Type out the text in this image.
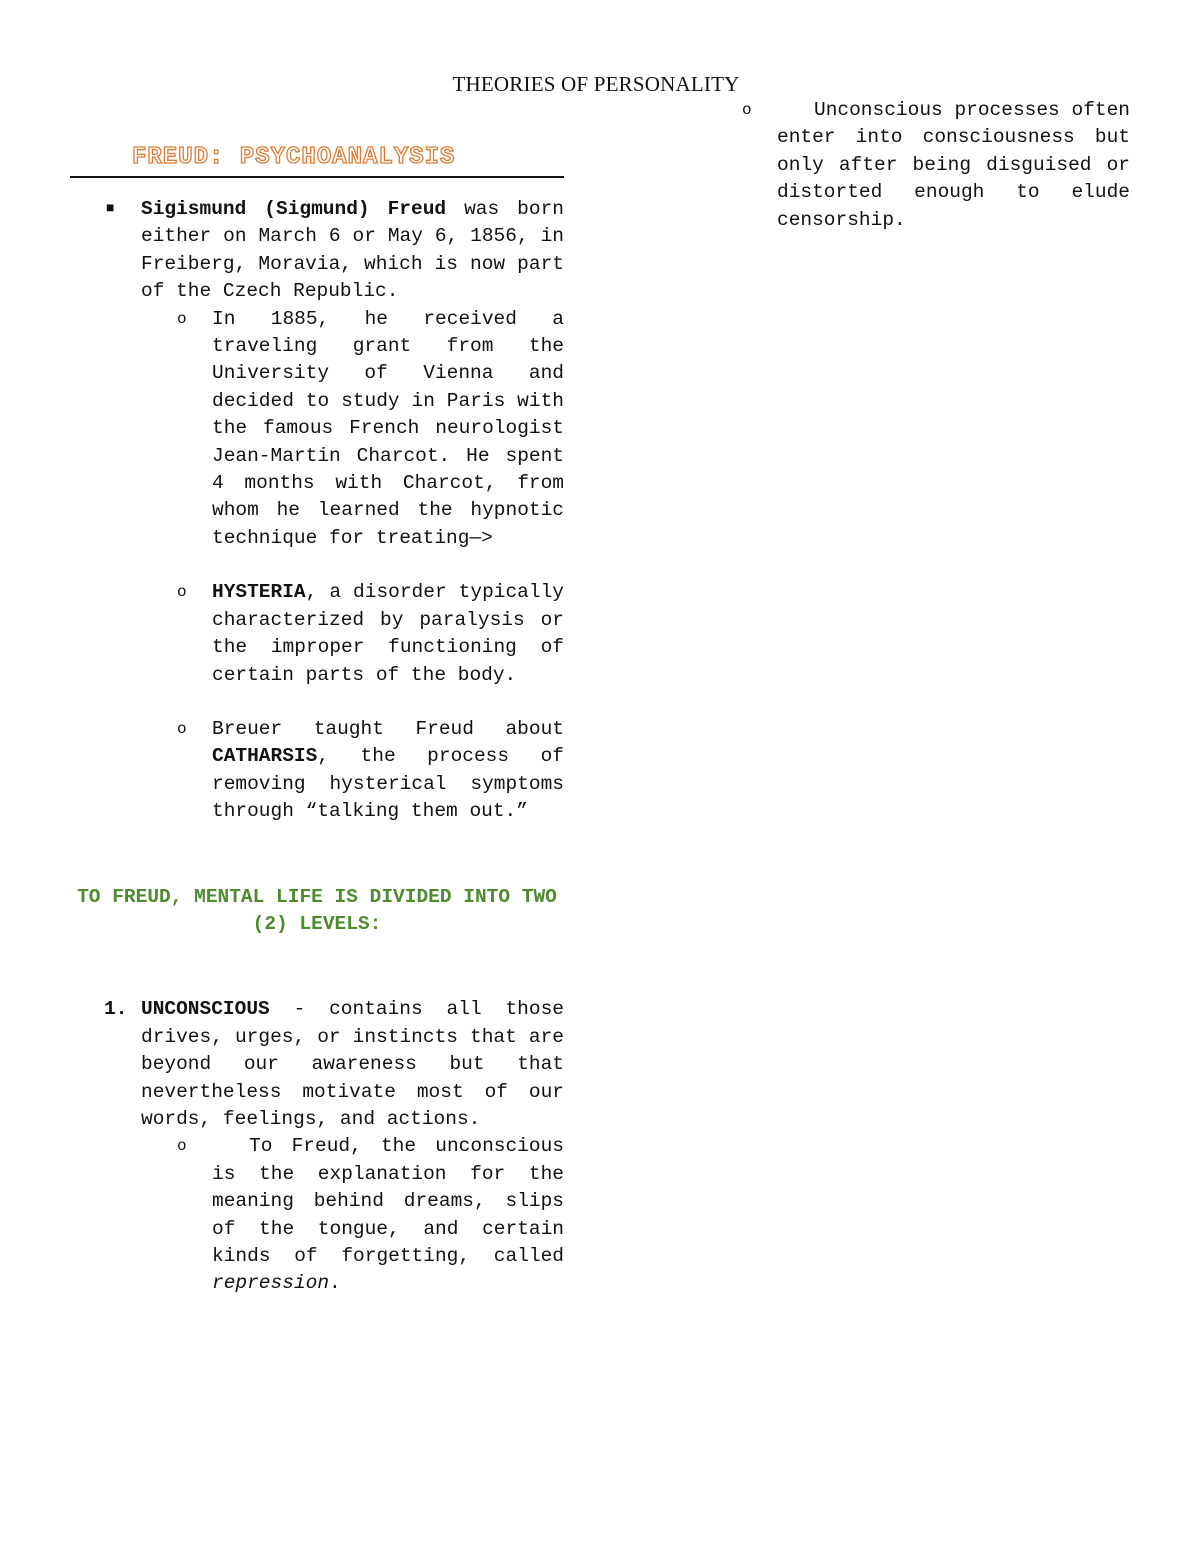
THEORIES OF PERSONALITY
FREUD: PSYCHOANALYSIS
■ Sigismund (Sigmund) Freud was born either on March 6 or May 6, 1856, in Freiberg, Moravia, which is now part of the Czech Republic.
o In 1885, he received a traveling grant from the University of Vienna and decided to study in Paris with the famous French neurologist Jean-Martin Charcot. He spent 4 months with Charcot, from whom he learned the hypnotic technique for treating—>
o HYSTERIA, a disorder typically characterized by paralysis or the improper functioning of certain parts of the body.
o Breuer taught Freud about CATHARSIS, the process of removing hysterical symptoms through “talking them out.”
TO FREUD, MENTAL LIFE IS DIVIDED INTO TWO (2) LEVELS:
1. UNCONSCIOUS - contains all those drives, urges, or instincts that are beyond our awareness but that nevertheless motivate most of our words, feelings, and actions.
o	To Freud, the unconscious is the explanation for the meaning behind dreams, slips of the tongue, and certain kinds of forgetting, called repression.
o	Unconscious processes often enter into consciousness but only after being disguised or distorted enough to elude censorship.
